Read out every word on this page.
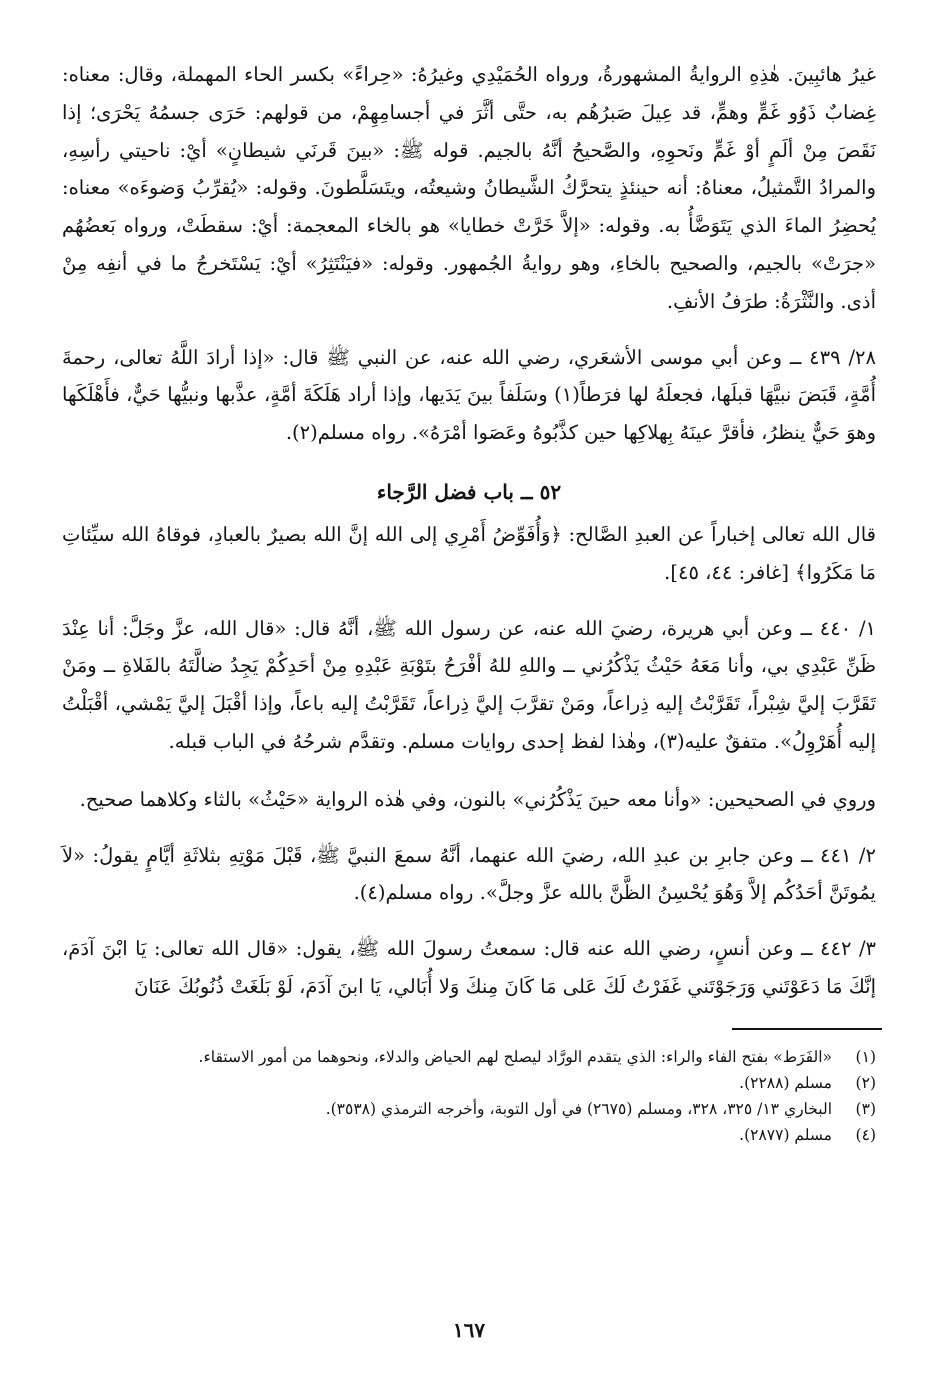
غيرُ هائبِينَ. هٰذِهِ الروايةُ المشهورةُ، ورواه الحُمَيْدِي وغيرُهُ: «حِراءً» بكسر الحاء المهملة، وقال: معناه: غِضابٌ ذَوُو غَمٍّ وهمٍّ، قد عِيلَ صَبرُهُم به، حتَّى أثَّرَ في أجسامِهِمْ، من قولهم: حَرَى جسمُهُ يَحْرَى؛ إذا نَقَصَ مِنْ ألَمٍ أوْ غَمٍّ ونَحوِهِ، والصَّحيحُ أنَّهُ بالجيم. قوله ﷺ: «بينَ قَرنَي شيطانٍ» أيْ: ناحيتي رأسِهِ، والمرادُ التَّمثيلُ، معناهُ: أنه حينئذٍ يتحرَّكُ الشَّيطانُ وشيعتُه، ويتَسَلَّطونَ. وقوله: «يُقرِّبُ وَضوءَه» معناه: يُحضِرُ الماءَ الذي يَتَوَضَّأُ به. وقوله: «إلاَّ خَرَّتْ خطايا» هو بالخاء المعجمة: أيْ: سقطَتْ، ورواه بَعضُهُم «جرَتْ» بالجيم، والصحيح بالخاءِ، وهو روايةُ الجُمهور. وقوله: «فيَنْتَثِرُ» أيْ: يَسْتَخرجُ ما في أنفِه مِنْ أذى. والنَّثْرَةُ: طرَفُ الأنفِ.

٢٨/ ٤٣٩ ــ وعن أبي موسى الأشعَري، رضي الله عنه، عن النبي ﷺ قال: «إذا أرادَ اللَّهُ تعالى، رحمةَ أُمَّةٍ، قَبَضَ نبيَّهَا قبلَها، فجعلَهُ لها فرَطاً(١) وسَلَفاً بينَ يَدَيها، وإذا أراد هَلَكَةَ أمَّةٍ، عذَّبها ونبيُّها حَيٌّ، فأَهْلَكَها وهوَ حَيٌّ ينظرُ، فأقرَّ عينَهُ بِهلاكِها حين كذَّبُوهُ وعَصَوا أمْرَهُ». رواه مسلم(٢).

٥٢ ــ باب فضل الرَّجاء

قال الله تعالى إخباراً عن العبدِ الصَّالح: ﴿وَأُفَوِّضُ أَمْرِي إلى الله إنَّ الله بصيرٌ بالعبادِ، فوقاهُ الله سيِّئاتِ مَا مَكَرُوا﴾ [غافر: ٤٤، ٤٥].

١/ ٤٤٠ ــ وعن أبي هريرة، رضيَ الله عنه، عن رسول الله ﷺ، أنَّهُ قال: «قال الله، عزَّ وجَلَّ: أنا عِنْدَ ظَنِّ عَبْدِي بي، وأنا مَعَهُ حَيْثُ يَذْكُرُني ــ واللهِ للهُ أفْرَحُ بتَوْبَةِ عَبْدِهِ مِنْ أحَدِكُمْ يَجِدُ ضالَّتَهُ بالفَلاةِ ــ ومَنْ تَقَرَّبَ إليَّ شِبْراً، تَقَرَّبْتُ إليه ذِراعاً، ومَنْ تقرَّبَ إليَّ ذِراعاً، تَقَرَّبْتُ إليه باعاً، وإذا أقْبَلَ إليَّ يَمْشي، أقْبَلْتُ إليه أُهَرْوِلُ». متفقٌ عليه(٣)، وهٰذا لفظ إحدى روايات مسلم. وتقدَّم شرحُهُ في الباب قبله.

وروي في الصحيحين: «وأنا معه حينَ يَذْكُرُني» بالنون، وفي هٰذه الرواية «حَيْثُ» بالثاء وكلاهما صحيح.

٢/ ٤٤١ ــ وعن جابرِ بن عبدِ الله، رضيَ الله عنهما، أنَّهُ سمعَ النبيَّ ﷺ، قَبْلَ مَوْتِهِ بثلاثَةِ أيَّامٍ يقولُ: «لاَ يمُوتَنَّ أحَدُكُم إلاَّ وَهُوَ يُحْسِنُ الظَّنَّ بالله عزَّ وجلَّ». رواه مسلم(٤).

٣/ ٤٤٢ ــ وعن أنسٍ، رضي الله عنه قال: سمعتُ رسولَ الله ﷺ، يقول: «قال الله تعالى: يَا ابْنَ آدَمَ، إنَّكَ مَا دَعَوْتَني وَرَجَوْتَني غَفَرْتُ لَكَ عَلى مَا كَانَ مِنكَ وَلا أُبَالي، يَا ابنَ آدَمَ، لَوْ بَلَغَتْ ذُنُوبُكَ عَنَانَ

(١)
«الفَرَط» بفتح الفاء والراء: الذي يتقدم الورَّاد ليصلح لهم الحياض والدلاء، ونحوهما من أمور الاستقاء.
(٢)
مسلم (٢٢٨٨).
(٣)
البخاري ١٣/ ٣٢٥، ٣٢٨، ومسلم (٢٦٧٥) في أول التوبة، وأخرجه الترمذي (٣٥٣٨).
(٤)
مسلم (٢٨٧٧).
١٦٧
